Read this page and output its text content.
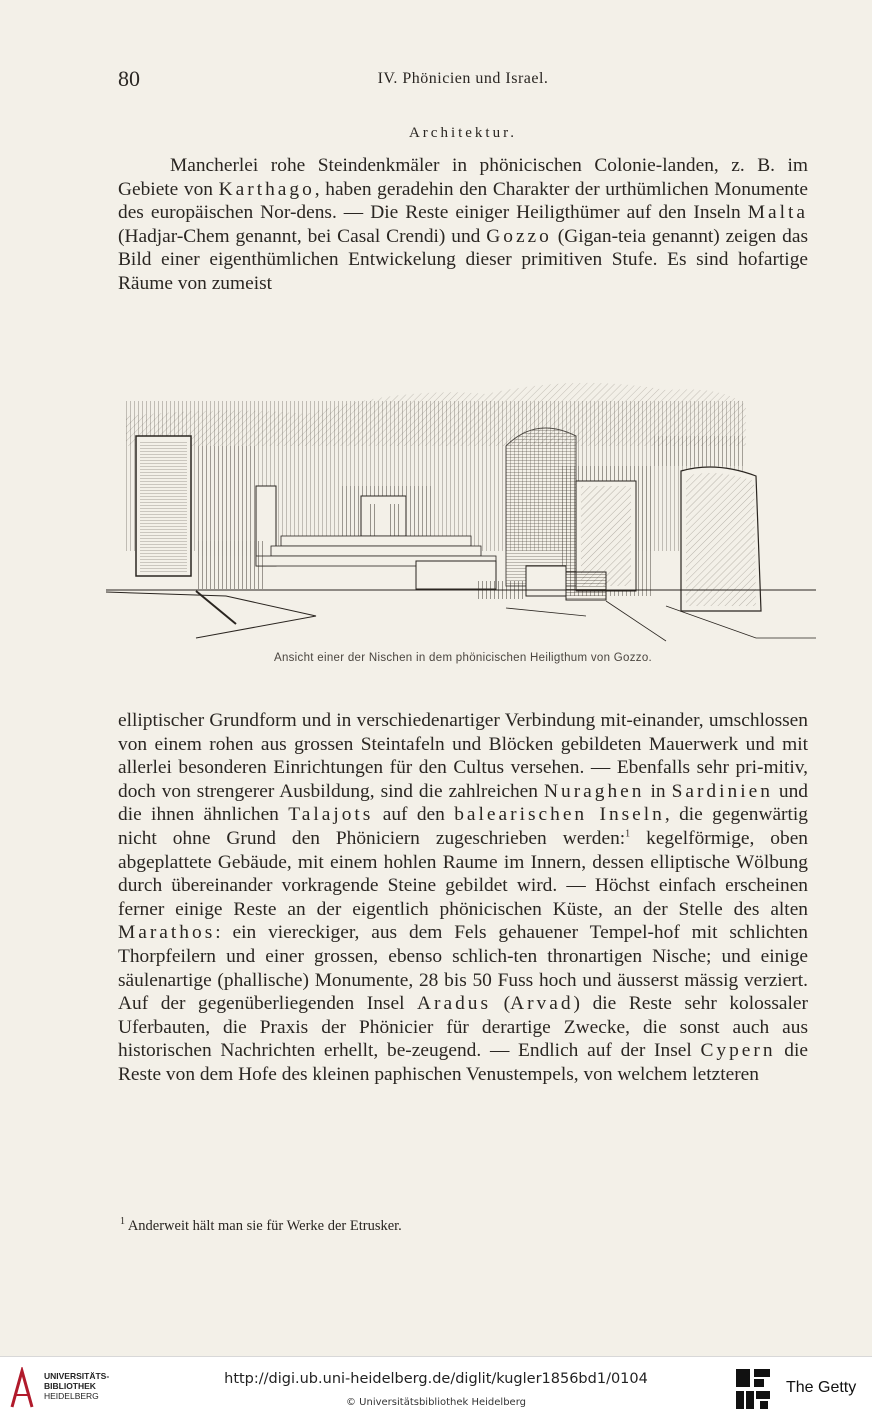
80	IV. Phönicien und Israel.
Architektur.
Mancherlei rohe Steindenkmäler in phönicischen Colonie-landen, z. B. im Gebiete von Karthago, haben geradehin den Charakter der urthümlichen Monumente des europäischen Nor-dens. — Die Reste einiger Heiligthümer auf den Inseln Malta (Hadjar-Chem genannt, bei Casal Crendi) und Gozzo (Gigan-teia genannt) zeigen das Bild einer eigenthümlichen Entwickelung dieser primitiven Stufe. Es sind hofartige Räume von zumeist
Ansicht einer der Nischen in dem phönicischen Heiligthum von Gozzo.
elliptischer Grundform und in verschiedenartiger Verbindung mit-einander, umschlossen von einem rohen aus grossen Steintafeln und Blöcken gebildeten Mauerwerk und mit allerlei besonderen Einrichtungen für den Cultus versehen. — Ebenfalls sehr pri-mitiv, doch von strengerer Ausbildung, sind die zahlreichen Nuraghen in Sardinien und die ihnen ähnlichen Talajots auf den balearischen Inseln, die gegenwärtig nicht ohne Grund den Phöniciern zugeschrieben werden:$^1$ kegelförmige, oben abgeplattete Gebäude, mit einem hohlen Raume im Innern, dessen elliptische Wölbung durch übereinander vorkragende Steine gebildet wird. — Höchst einfach erscheinen ferner einige Reste an der eigentlich phönicischen Küste, an der Stelle des alten Marathos: ein viereckiger, aus dem Fels gehauener Tempel-hof mit schlichten Thorpfeilern und einer grossen, ebenso schlich-ten thronartigen Nische; und einige säulenartige (phallische) Monumente, 28 bis 50 Fuss hoch und äusserst mässig verziert. Auf der gegenüberliegenden Insel Aradus (Arvad) die Reste sehr kolossaler Uferbauten, die Praxis der Phönicier für derartige Zwecke, die sonst auch aus historischen Nachrichten erhellt, be-zeugend. — Endlich auf der Insel Cypern die Reste von dem Hofe des kleinen paphischen Venustempels, von welchem letzteren
$^1$ Anderweit hält man sie für Werke der Etrusker.
UNIVERSITÄTS-
BIBLIOTHEK
HEIDELBERG
http://digi.ub.uni-heidelberg.de/diglit/kugler1856bd1/0104
© Universitätsbibliothek Heidelberg
The Getty
